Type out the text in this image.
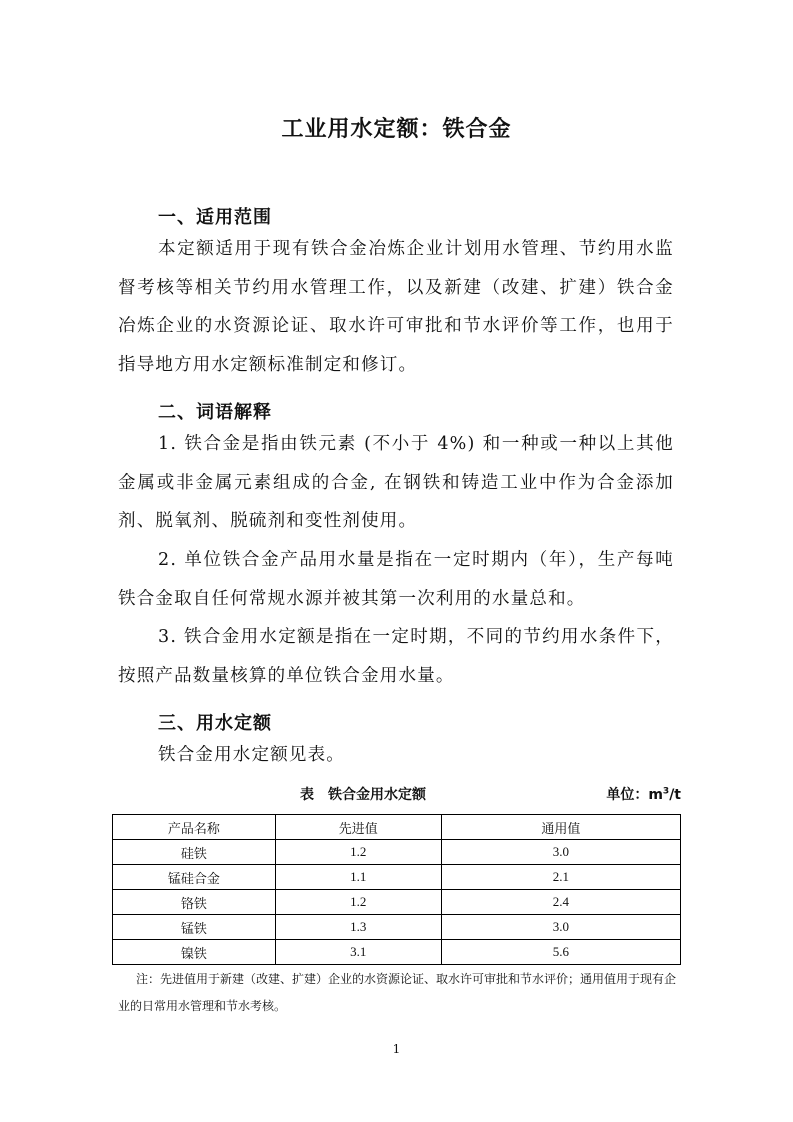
工业用水定额：铁合金
一、适用范围
本定额适用于现有铁合金冶炼企业计划用水管理、节约用水监督考核等相关节约用水管理工作，以及新建（改建、扩建）铁合金冶炼企业的水资源论证、取水许可审批和节水评价等工作，也用于指导地方用水定额标准制定和修订。
二、词语解释
1. 铁合金是指由铁元素 (不小于 4%) 和一种或一种以上其他金属或非金属元素组成的合金, 在钢铁和铸造工业中作为合金添加剂、脱氧剂、脱硫剂和变性剂使用。
2. 单位铁合金产品用水量是指在一定时期内（年），生产每吨铁合金取自任何常规水源并被其第一次利用的水量总和。
3. 铁合金用水定额是指在一定时期，不同的节约用水条件下，按照产品数量核算的单位铁合金用水量。
三、用水定额
铁合金用水定额见表。
表　铁合金用水定额	单位：$m^3/t$
产品名称	先进值	通用值
硅铁	1.2	3.0
锰硅合金	1.1	2.1
铬铁	1.2	2.4
锰铁	1.3	3.0
镍铁	3.1	5.6
注：先进值用于新建（改建、扩建）企业的水资源论证、取水许可审批和节水评价；通用值用于现有企业的日常用水管理和节水考核。
1
